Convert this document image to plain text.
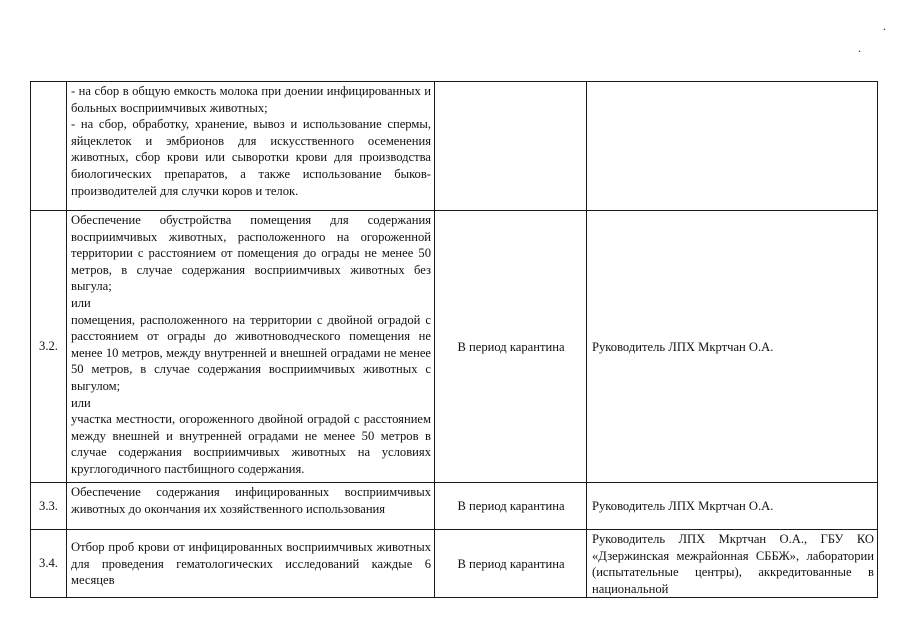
.
.

	- на сбор в общую емкость молока при доении инфицированных и больных восприимчивых животных;
- на сбор, обработку, хранение, вывоз и использование спермы, яйцеклеток и эмбрионов для искусственного осеменения животных, сбор крови или сыворотки крови для производства биологических препаратов, а также использование быков-производителей для случки коров и телок.		

3.2.	Обеспечение обустройства помещения для содержания восприимчивых животных, расположенного на огороженной территории с расстоянием от помещения до ограды не менее 50 метров, в случае содержания восприимчивых животных без выгула;
или
помещения, расположенного на территории с двойной оградой с расстоянием от ограды до животноводческого помещения не менее 10 метров, между внутренней и внешней оградами не менее 50 метров, в случае содержания восприимчивых животных с выгулом;
или
участка местности, огороженного двойной оградой с расстоянием между внешней и внутренней оградами не менее 50 метров в случае содержания восприимчивых животных на условиях круглогодичного пастбищного содержания.	В период карантина	Руководитель ЛПХ Мкртчан О.А.
3.3.	Обеспечение содержания инфицированных восприимчивых животных до окончания их хозяйственного использования	В период карантина	Руководитель ЛПХ Мкртчан О.А.
3.4.	Отбор проб крови от инфицированных восприимчивых животных для проведения гематологических исследований каждые 6 месяцев	В период карантина	Руководитель ЛПХ Мкртчан О.А., ГБУ КО «Дзержинская межрайонная СББЖ», лаборатории (испытательные центры), аккредитованные в национальной
